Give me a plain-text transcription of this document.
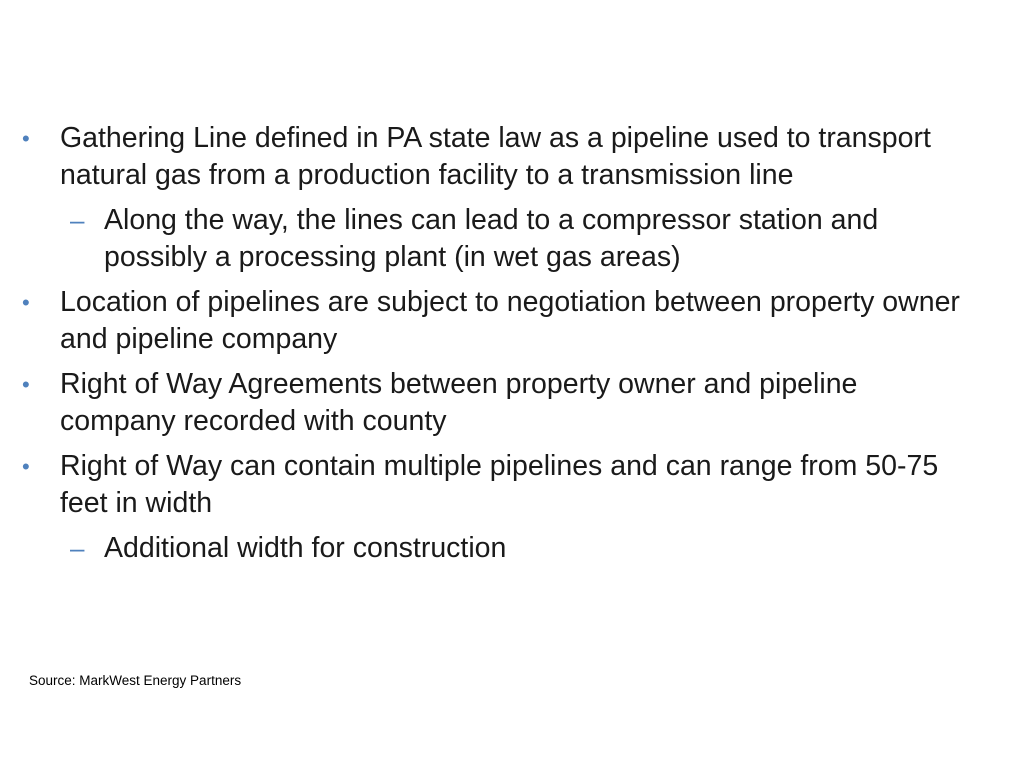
• Gathering Line defined in PA state law as a pipeline used to transport natural gas from a production facility to a transmission line
– Along the way, the lines can lead to a compressor station and possibly a processing plant (in wet gas areas)
• Location of pipelines are subject to negotiation between property owner and pipeline company
• Right of Way Agreements between property owner and pipeline company recorded with county
• Right of Way can contain multiple pipelines and can range from 50-75 feet in width
– Additional width for construction
Source: MarkWest Energy Partners
